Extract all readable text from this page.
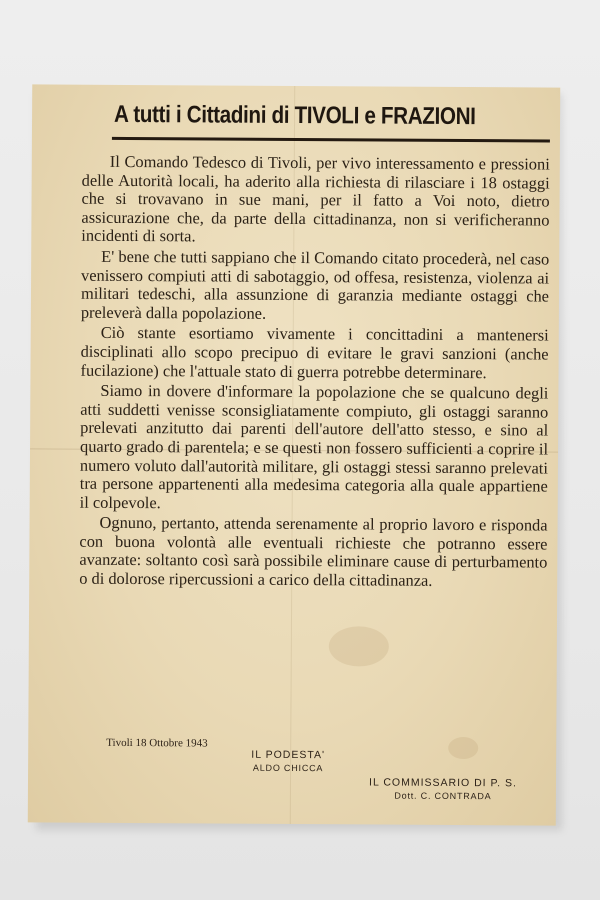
A tutti i Cittadini di TIVOLI e FRAZIONI

Il Comando Tedesco di Tivoli, per vivo interessamento e pressioni delle Autorità locali, ha aderito alla richiesta di rilasciare i 18 ostaggi che si trovavano in sue mani, per il fatto a Voi noto, dietro assicurazione che, da parte della cittadinanza, non si verificheranno incidenti di sorta.

E' bene che tutti sappiano che il Comando citato procederà, nel caso venissero compiuti atti di sabotaggio, od offesa, resistenza, violenza ai militari tedeschi, alla assunzione di garanzia mediante ostaggi che preleverà dalla popolazione.

Ciò stante esortiamo vivamente i concittadini a mantenersi disciplinati allo scopo precipuo di evitare le gravi sanzioni (anche fucilazione) che l'attuale stato di guerra potrebbe determinare.

Siamo in dovere d'informare la popolazione che se qualcuno degli atti suddetti venisse sconsigliatamente compiuto, gli ostaggi saranno prelevati anzitutto dai parenti dell'autore dell'atto stesso, e sino al quarto grado di parentela; e se questi non fossero sufficienti a coprire il numero voluto dall'autorità militare, gli ostaggi stessi saranno prelevati tra persone appartenenti alla medesima categoria alla quale appartiene il colpevole.

Ognuno, pertanto, attenda serenamente al proprio lavoro e risponda con buona volontà alle eventuali richieste che potranno essere avanzate: soltanto così sarà possibile eliminare cause di perturbamento o di dolorose ripercussioni a carico della cittadinanza.

Tivoli 18 Ottobre 1943
IL PODESTA'
ALDO CHICCA
IL COMMISSARIO DI P. S.
Dott. C. CONTRADA
